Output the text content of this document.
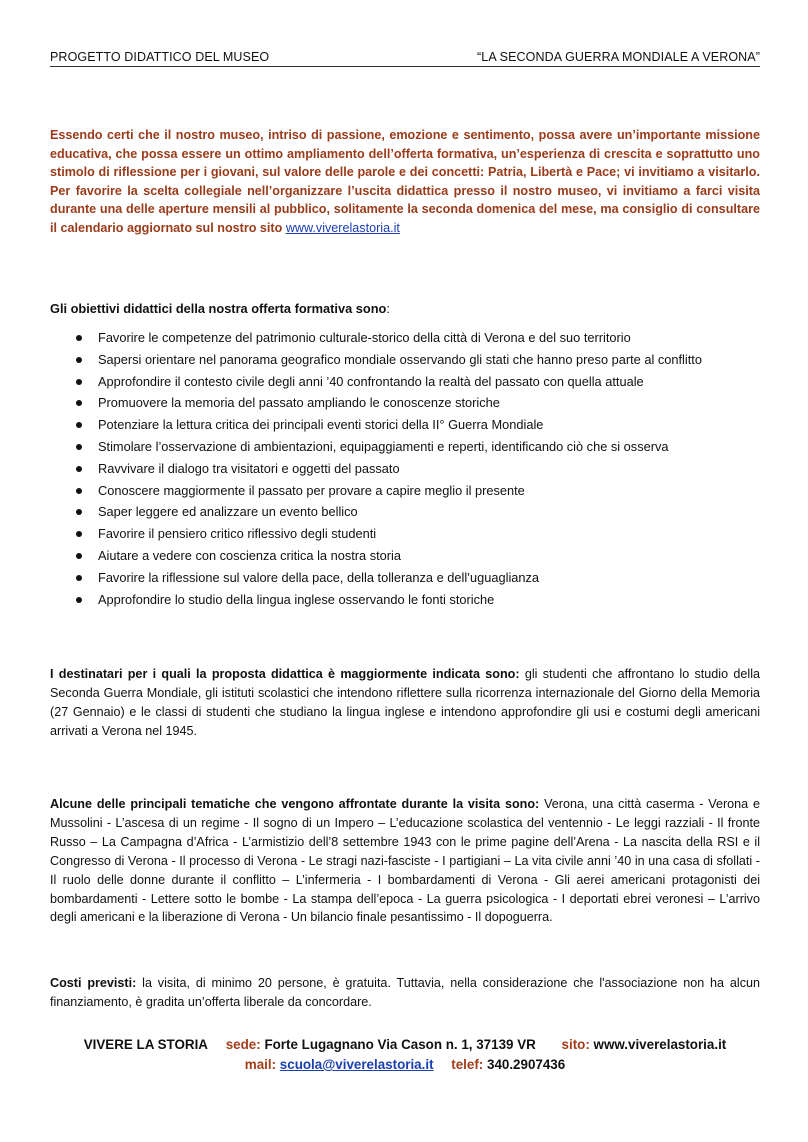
PROGETTO DIDATTICO DEL MUSEO	“LA SECONDA GUERRA MONDIALE A VERONA”
Essendo certi che il nostro museo, intriso di passione, emozione e sentimento, possa avere un’importante missione educativa, che possa essere un ottimo ampliamento dell’offerta formativa, un’esperienza di crescita e soprattutto uno stimolo di riflessione per i giovani, sul valore delle parole e dei concetti: Patria, Libertà e Pace; vi invitiamo a visitarlo. Per favorire la scelta collegiale nell’organizzare l’uscita didattica presso il nostro museo, vi invitiamo a farci visita durante una delle aperture mensili al pubblico, solitamente la seconda domenica del mese, ma consiglio di consultare il calendario aggiornato sul nostro sito www.viverelastoria.it
Gli obiettivi didattici della nostra offerta formativa sono:
Favorire le competenze del patrimonio culturale-storico della città di Verona e del suo territorio
Sapersi orientare nel panorama geografico mondiale osservando gli stati che hanno preso parte al conflitto
Approfondire il contesto civile degli anni ’40 confrontando la realtà del passato con quella attuale
Promuovere la memoria del passato ampliando le conoscenze storiche
Potenziare la lettura critica dei principali eventi storici della II° Guerra Mondiale
Stimolare l’osservazione di ambientazioni, equipaggiamenti e reperti, identificando ciò che si osserva
Ravvivare il dialogo tra visitatori e oggetti del passato
Conoscere maggiormente il passato per provare a capire meglio il presente
Saper leggere ed analizzare un evento bellico
Favorire il pensiero critico riflessivo degli studenti
Aiutare a vedere con coscienza critica la nostra storia
Favorire la riflessione sul valore della pace, della tolleranza e dell’uguaglianza
Approfondire lo studio della lingua inglese osservando le fonti storiche
I destinatari per i quali la proposta didattica è maggiormente indicata sono: gli studenti che affrontano lo studio della Seconda Guerra Mondiale, gli istituti scolastici che intendono riflettere sulla ricorrenza internazionale del Giorno della Memoria (27 Gennaio) e le classi di studenti che studiano la lingua inglese e intendono approfondire gli usi e costumi degli americani arrivati a Verona nel 1945.
Alcune delle principali tematiche che vengono affrontate durante la visita sono: Verona, una città caserma - Verona e Mussolini - L’ascesa di un regime - Il sogno di un Impero – L’educazione scolastica del ventennio - Le leggi razziali - Il fronte Russo – La Campagna d’Africa - L’armistizio dell’8 settembre 1943 con le prime pagine dell’Arena - La nascita della RSI e il Congresso di Verona - Il processo di Verona - Le stragi nazi-fasciste - I partigiani – La vita civile anni ’40 in una casa di sfollati - Il ruolo delle donne durante il conflitto – L’infermeria - I bombardamenti di Verona - Gli aerei americani protagonisti dei bombardamenti - Lettere sotto le bombe - La stampa dell’epoca - La guerra psicologica - I deportati ebrei veronesi – L’arrivo degli americani e la liberazione di Verona - Un bilancio finale pesantissimo - Il dopoguerra.
Costi previsti: la visita, di minimo 20 persone, è gratuita. Tuttavia, nella considerazione che l'associazione non ha alcun finanziamento, è gradita un’offerta liberale da concordare.
VIVERE LA STORIA sede: Forte Lugagnano Via Cason n. 1, 37139 VR sito: www.viverelastoria.it
mail: scuola@viverelastoria.it telef: 340.2907436
